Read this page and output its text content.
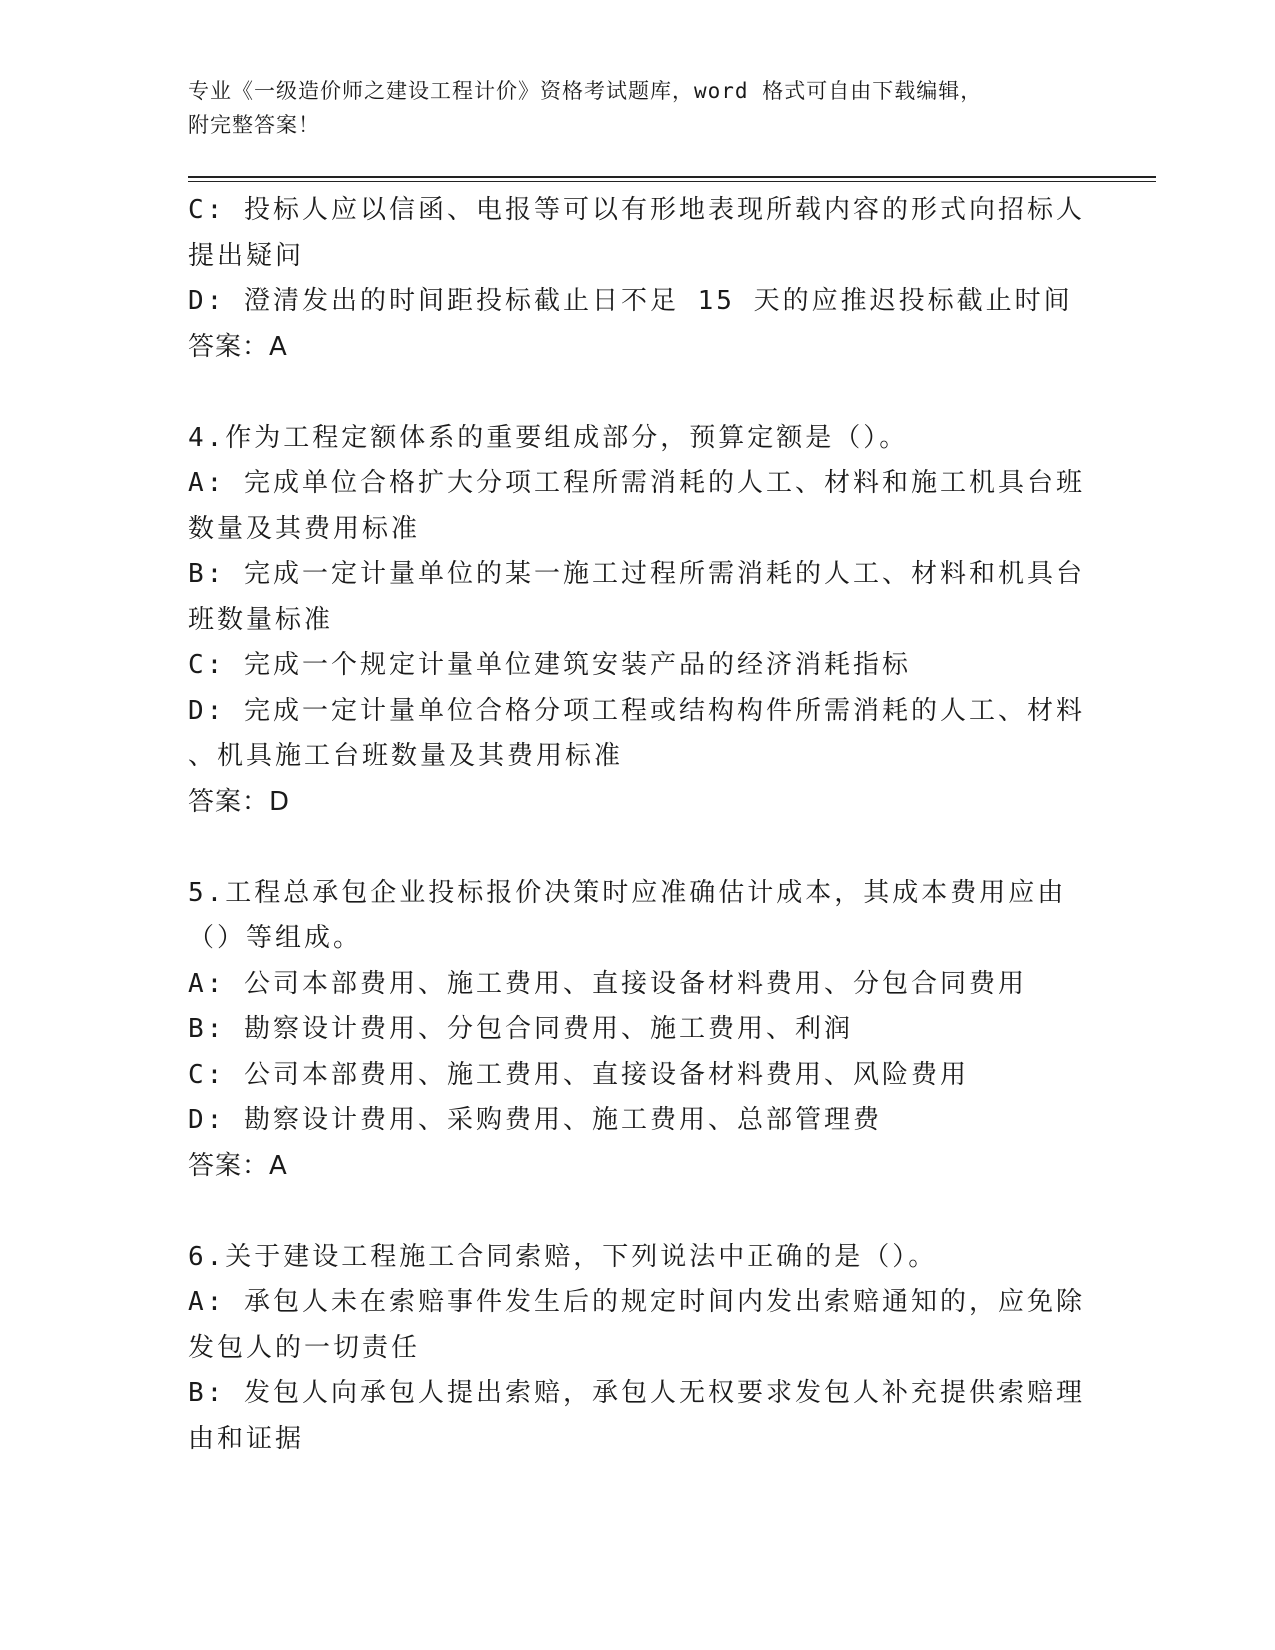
专业《一级造价师之建设工程计价》资格考试题库，word 格式可自由下载编辑，
附完整答案！

C: 投标人应以信函、电报等可以有形地表现所载内容的形式向招标人

提出疑问

D: 澄清发出的时间距投标截止日不足 15 天的应推迟投标截止时间

答案：A

4.作为工程定额体系的重要组成部分，预算定额是（）。

A: 完成单位合格扩大分项工程所需消耗的人工、材料和施工机具台班

数量及其费用标准

B: 完成一定计量单位的某一施工过程所需消耗的人工、材料和机具台

班数量标准

C: 完成一个规定计量单位建筑安装产品的经济消耗指标

D: 完成一定计量单位合格分项工程或结构构件所需消耗的人工、材料

、机具施工台班数量及其费用标准

答案：D

5.工程总承包企业投标报价决策时应准确估计成本，其成本费用应由

（）等组成。

A: 公司本部费用、施工费用、直接设备材料费用、分包合同费用

B: 勘察设计费用、分包合同费用、施工费用、利润

C: 公司本部费用、施工费用、直接设备材料费用、风险费用

D: 勘察设计费用、采购费用、施工费用、总部管理费

答案：A

6.关于建设工程施工合同索赔，下列说法中正确的是（）。

A: 承包人未在索赔事件发生后的规定时间内发出索赔通知的，应免除

发包人的一切责任

B: 发包人向承包人提出索赔，承包人无权要求发包人补充提供索赔理

由和证据
